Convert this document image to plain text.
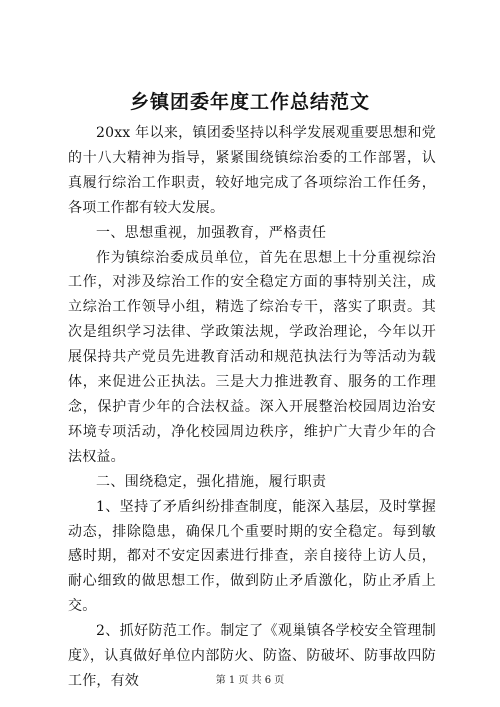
乡镇团委年度工作总结范文

20xx 年以来，镇团委坚持以科学发展观重要思想和党的十八大精神为指导，紧紧围绕镇综治委的工作部署，认真履行综治工作职责，较好地完成了各项综治工作任务，各项工作都有较大发展。

一、思想重视，加强教育，严格责任

作为镇综治委成员单位，首先在思想上十分重视综治工作，对涉及综治工作的安全稳定方面的事特别关注，成立综治工作领导小组，精选了综治专干，落实了职责。其次是组织学习法律、学政策法规，学政治理论，今年以开展保持共产党员先进教育活动和规范执法行为等活动为载体，来促进公正执法。三是大力推进教育、服务的工作理念，保护青少年的合法权益。深入开展整治校园周边治安环境专项活动，净化校园周边秩序，维护广大青少年的合法权益。

二、围绕稳定，强化措施，履行职责

1、坚持了矛盾纠纷排查制度，能深入基层，及时掌握动态，排除隐患，确保几个重要时期的安全稳定。每到敏感时期，都对不安定因素进行排查，亲自接待上访人员，耐心细致的做思想工作，做到防止矛盾激化，防止矛盾上交。

2、抓好防范工作。制定了《观巢镇各学校安全管理制度》，认真做好单位内部防火、防盗、防破坏、防事故四防工作，有效	第 1 页 共 6 页
